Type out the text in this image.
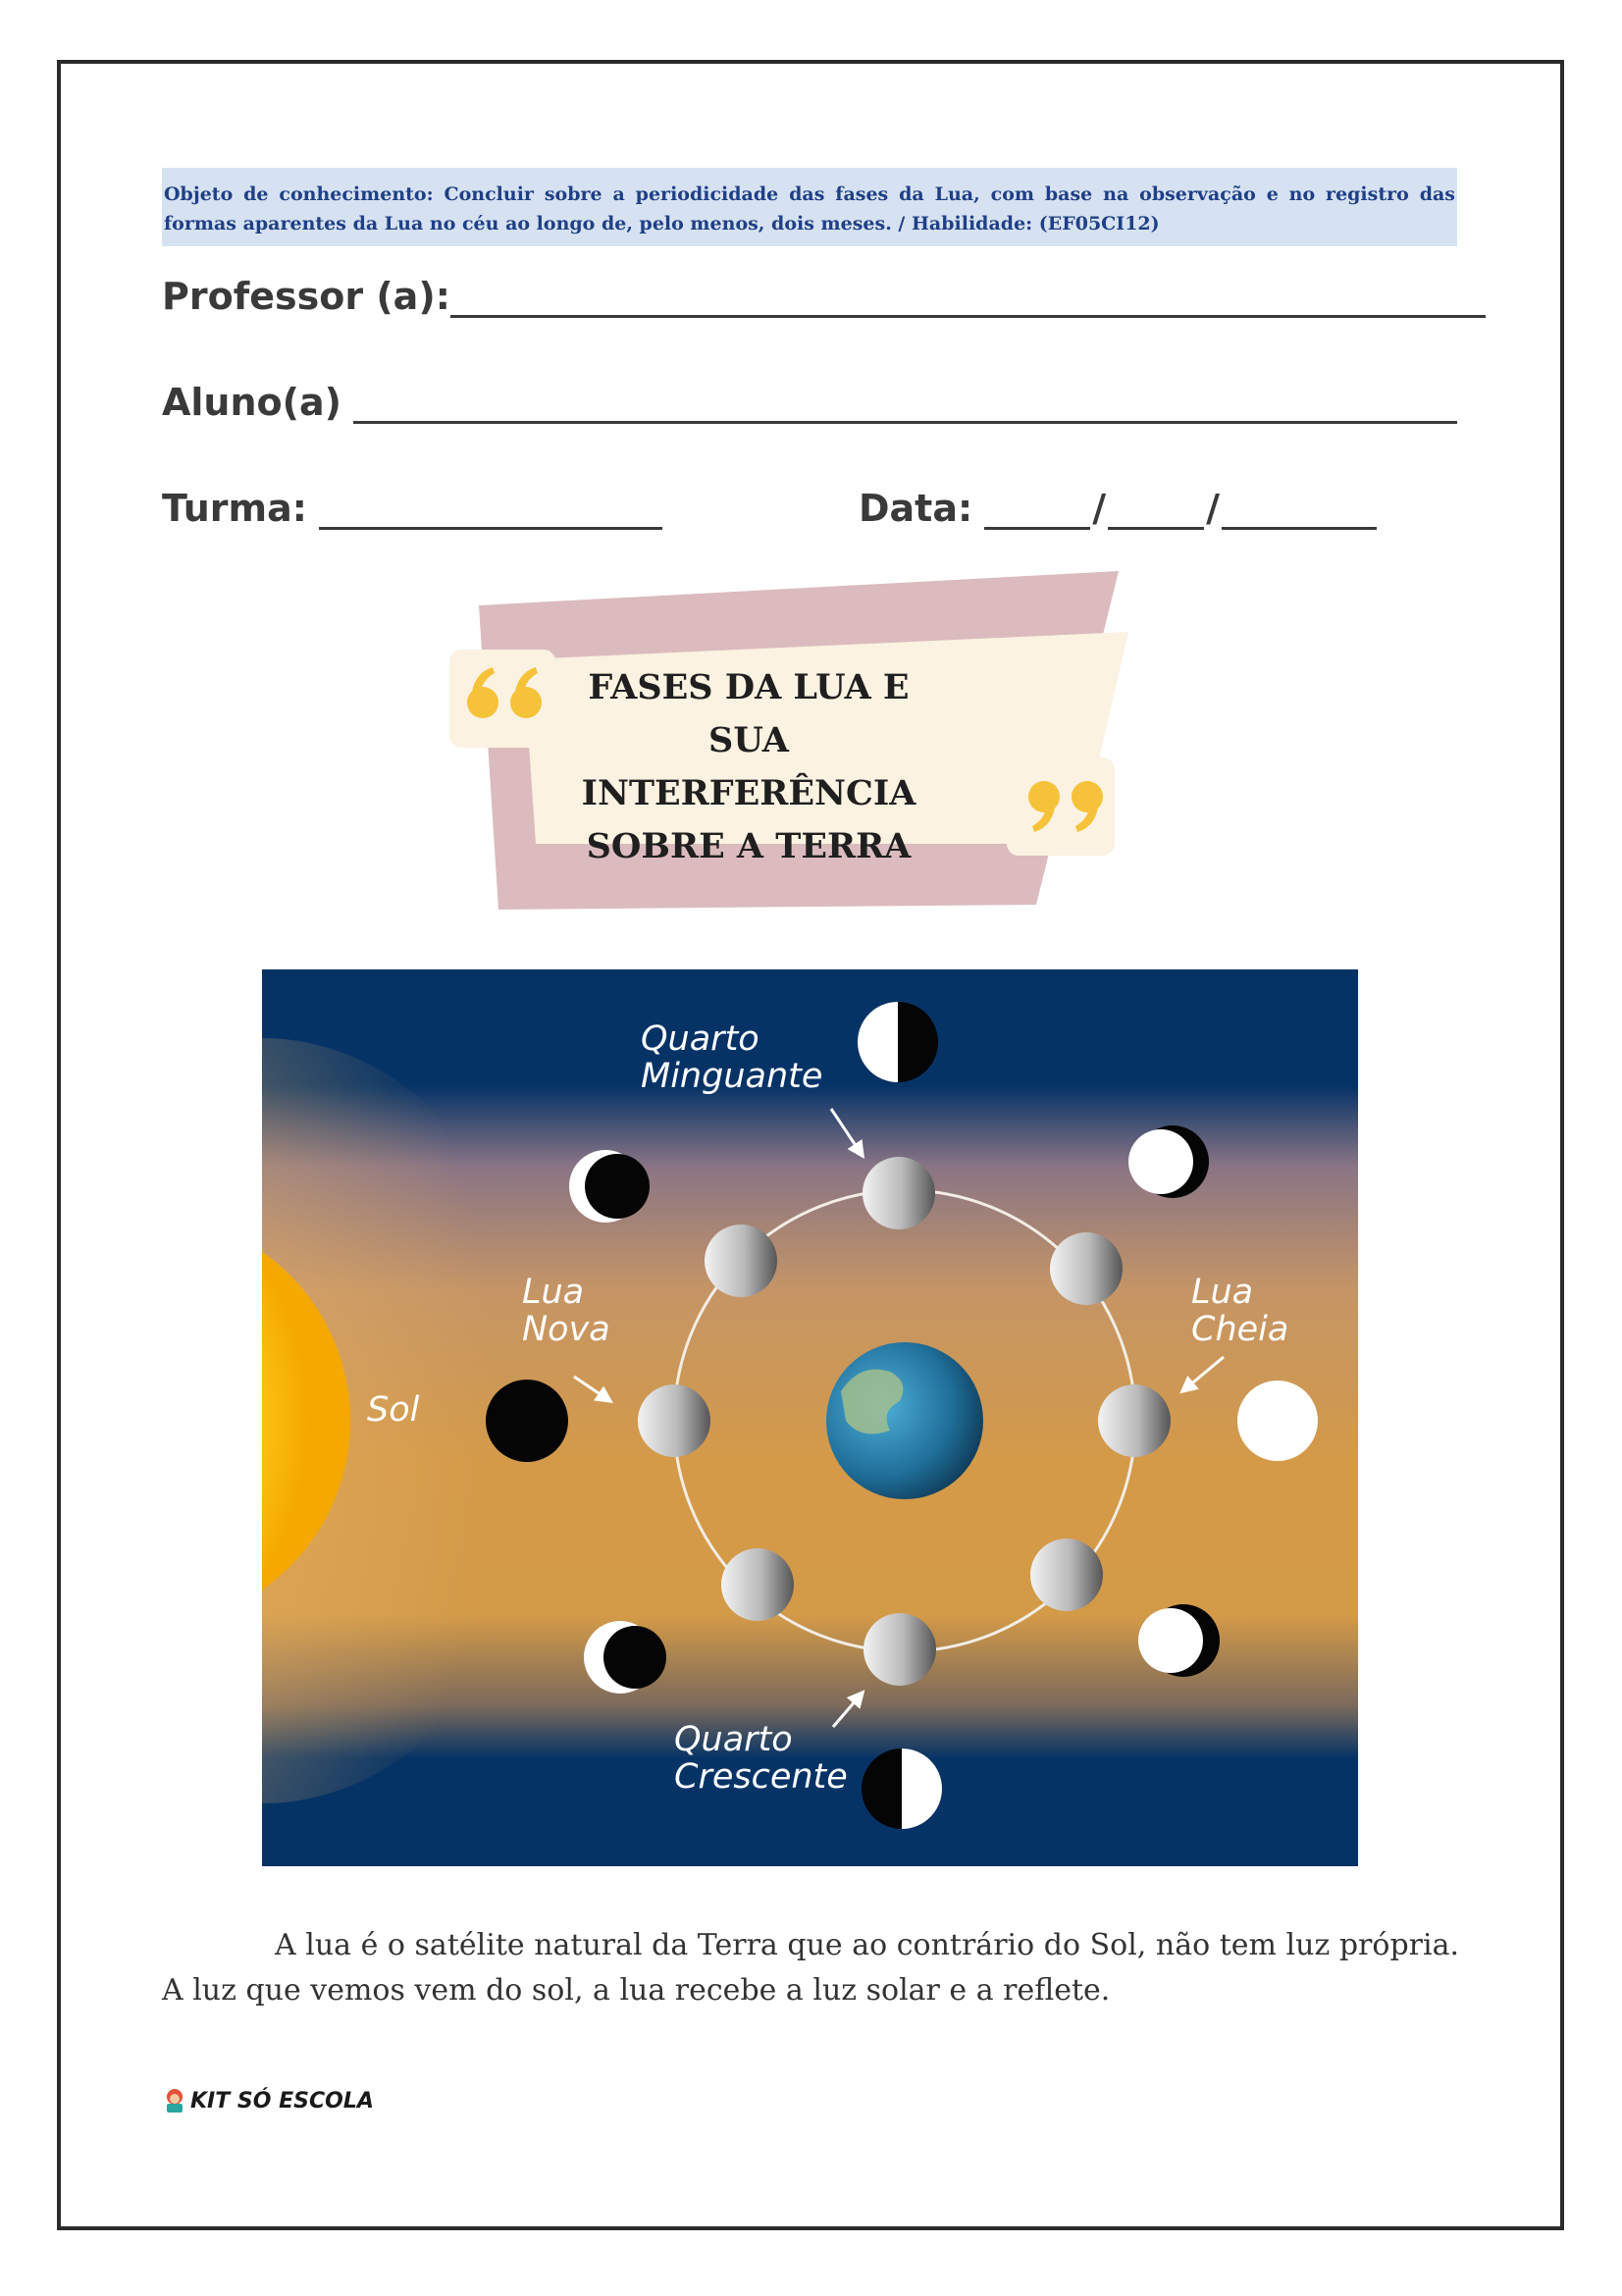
Objeto de conhecimento: Concluir sobre a periodicidade das fases da Lua, com base na observação e no registro das formas aparentes da Lua no céu ao longo de, pelo menos, dois meses. / Habilidade: (EF05CI12)
Professor (a):
Aluno(a)
Turma:	Data:	/	/
FASES DA LUA E SUA
INTERFERÊNCIA
SOBRE A TERRA
Sol
Quarto
Minguante
Lua
Nova
Lua
Cheia
Quarto
Crescente
A lua é o satélite natural da Terra que ao contrário do Sol, não tem luz própria. A luz que vemos vem do sol, a lua recebe a luz solar e a reflete.
KIT SÓ ESCOLA
